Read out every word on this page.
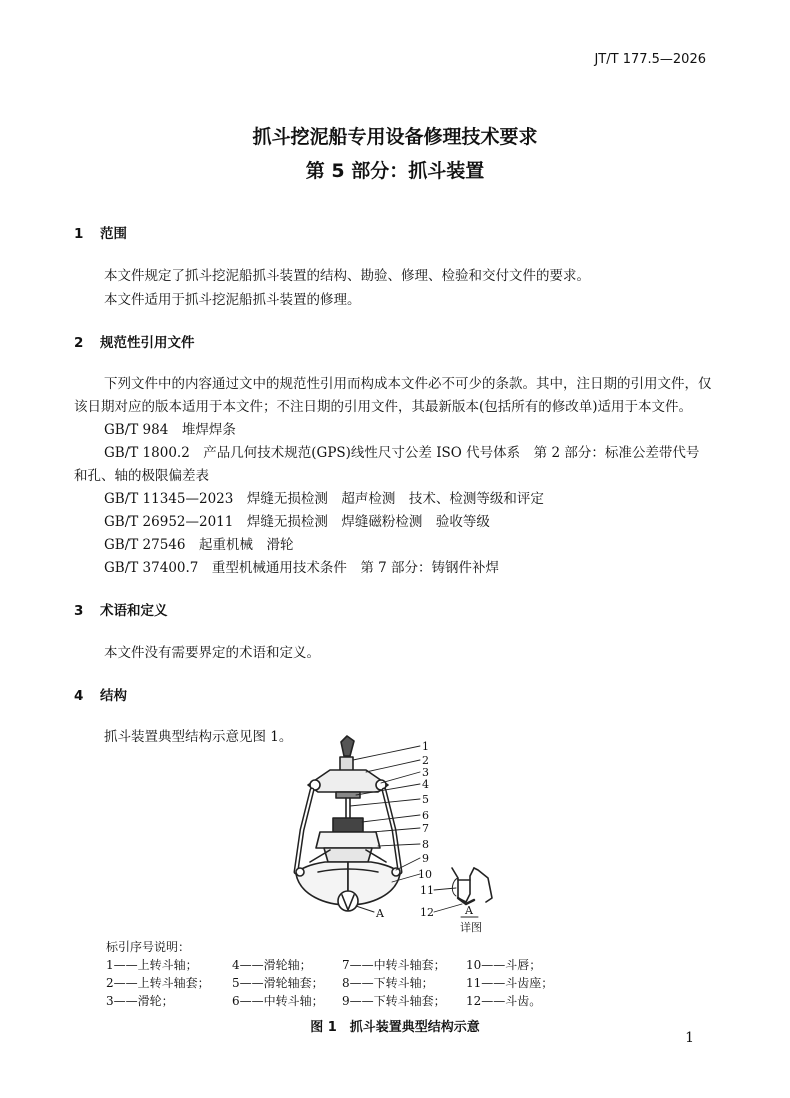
JT/T 177.5—2026
抓斗挖泥船专用设备修理技术要求
第 5 部分：抓斗装置
1 范围
本文件规定了抓斗挖泥船抓斗装置的结构、勘验、修理、检验和交付文件的要求。
本文件适用于抓斗挖泥船抓斗装置的修理。
2 规范性引用文件
下列文件中的内容通过文中的规范性引用而构成本文件必不可少的条款。其中，注日期的引用文件，仅
该日期对应的版本适用于本文件；不注日期的引用文件，其最新版本(包括所有的修改单)适用于本文件。
GB/T 984　堆焊焊条
GB/T 1800.2　产品几何技术规范(GPS)线性尺寸公差 ISO 代号体系　第 2 部分：标准公差带代号
和孔、轴的极限偏差表
GB/T 11345—2023　焊缝无损检测　超声检测　技术、检测等级和评定
GB/T 26952—2011　焊缝无损检测　焊缝磁粉检测　验收等级
GB/T 27546　起重机械　滑轮
GB/T 37400.7　重型机械通用技术条件　第 7 部分：铸钢件补焊
3 术语和定义
本文件没有需要界定的术语和定义。
4 结构
抓斗装置典型结构示意见图 1。
1
2
3
4
5
6
7
8
9
10
11
12
A	A
详图
标引序号说明：
1——上转斗轴；	4——滑轮轴；	7——中转斗轴套； 10——斗唇；
2——上转斗轴套； 5——滑轮轴套； 8——下转斗轴；	11——斗齿座；
3——滑轮；	6——中转斗轴； 9——下转斗轴套； 12——斗齿。
图 1　抓斗装置典型结构示意
1
